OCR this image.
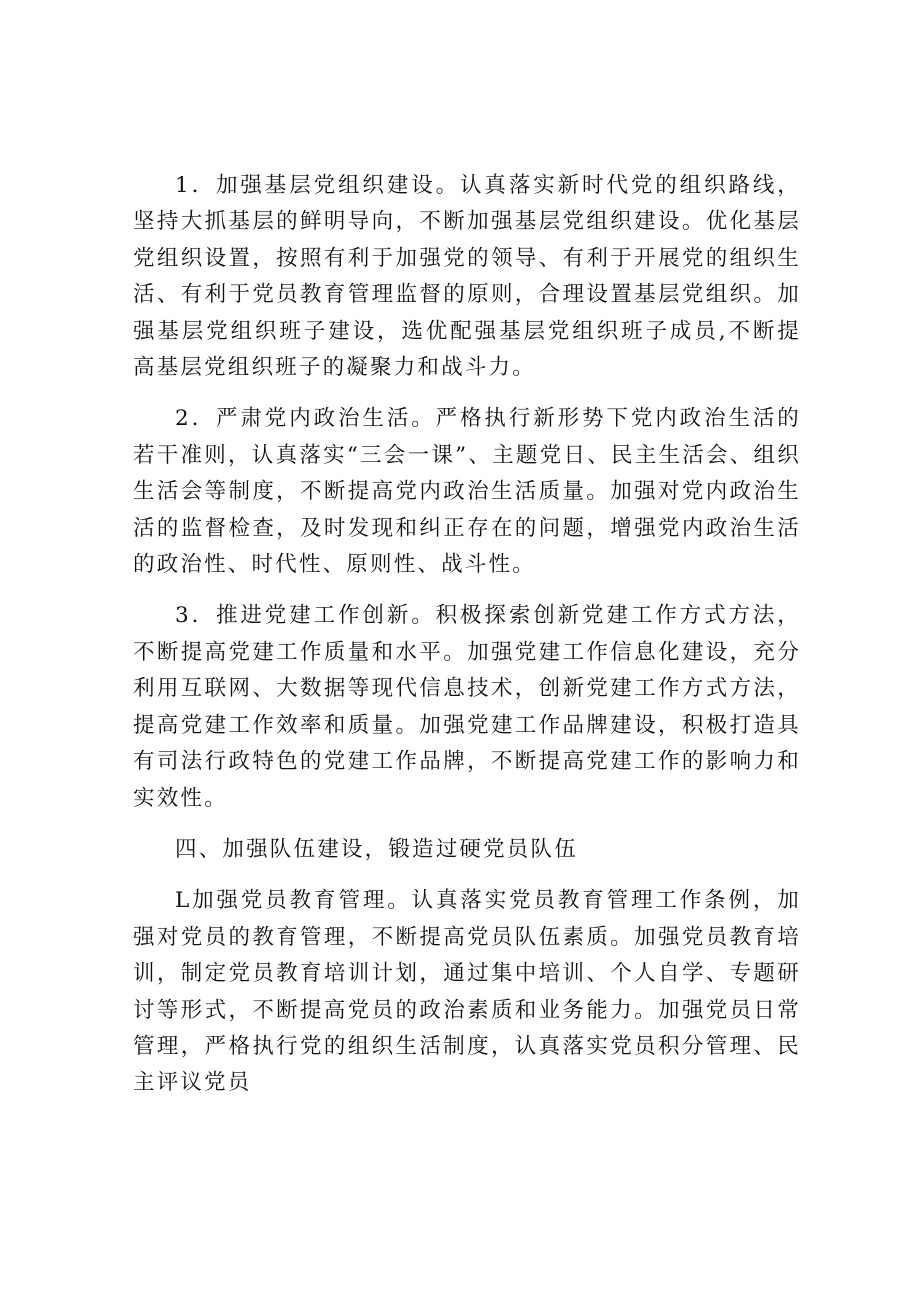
1．加强基层党组织建设。认真落实新时代党的组织路线，坚持大抓基层的鲜明导向，不断加强基层党组织建设。优化基层党组织设置，按照有利于加强党的领导、有利于开展党的组织生活、有利于党员教育管理监督的原则，合理设置基层党组织。加强基层党组织班子建设，选优配强基层党组织班子成员,不断提高基层党组织班子的凝聚力和战斗力。

2．严肃党内政治生活。严格执行新形势下党内政治生活的若干准则，认真落实“三会一课”、主题党日、民主生活会、组织生活会等制度，不断提高党内政治生活质量。加强对党内政治生活的监督检查，及时发现和纠正存在的问题，增强党内政治生活的政治性、时代性、原则性、战斗性。

3．推进党建工作创新。积极探索创新党建工作方式方法，不断提高党建工作质量和水平。加强党建工作信息化建设，充分利用互联网、大数据等现代信息技术，创新党建工作方式方法，提高党建工作效率和质量。加强党建工作品牌建设，积极打造具有司法行政特色的党建工作品牌，不断提高党建工作的影响力和实效性。

四、加强队伍建设，锻造过硬党员队伍

L加强党员教育管理。认真落实党员教育管理工作条例，加强对党员的教育管理，不断提高党员队伍素质。加强党员教育培训，制定党员教育培训计划，通过集中培训、个人自学、专题研讨等形式，不断提高党员的政治素质和业务能力。加强党员日常管理，严格执行党的组织生活制度，认真落实党员积分管理、民主评议党员
